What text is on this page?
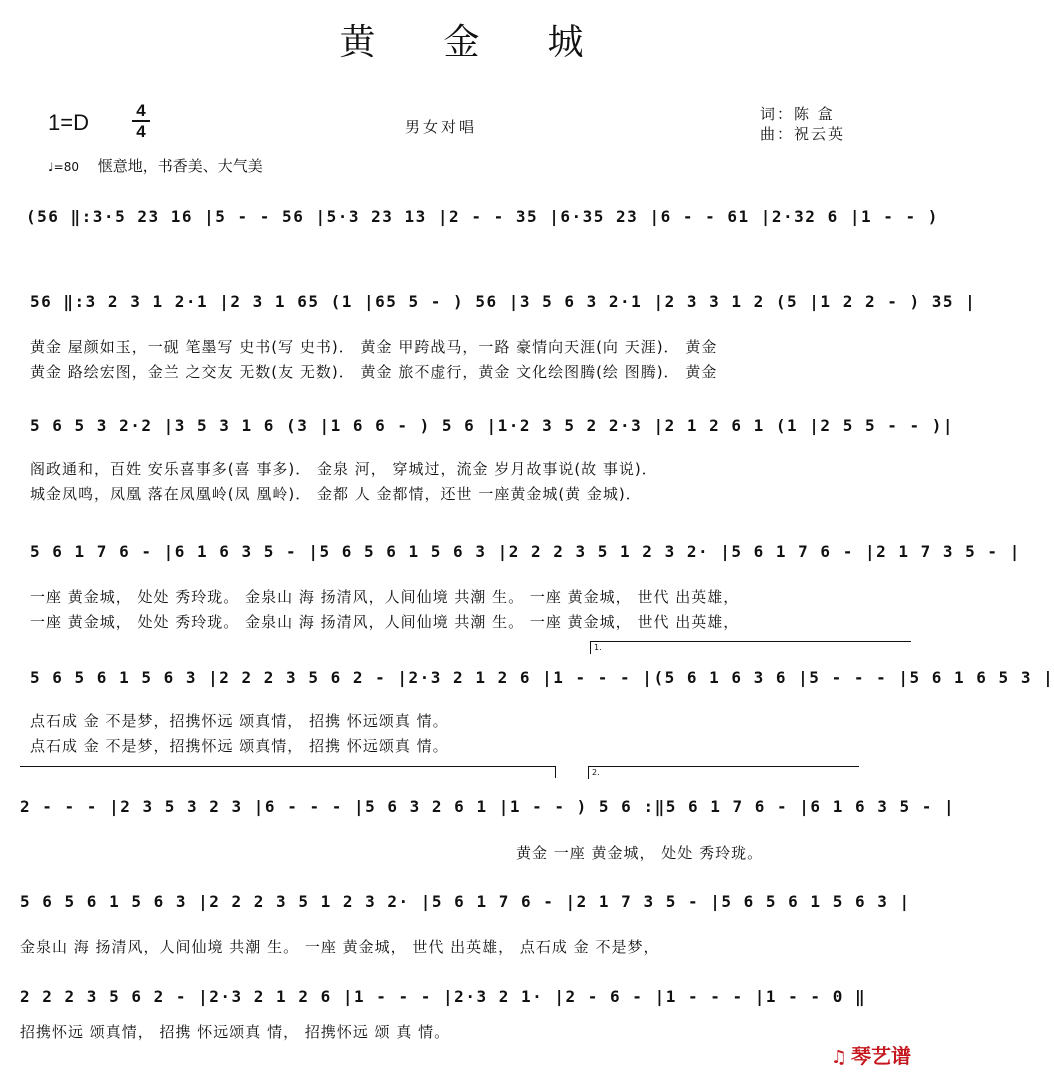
黄金城
1=D	4
4	男女对唱
词：陈 盒
曲：祝云英
♩=80 惬意地，书香美、大气美
(56 ‖:3·5 23 16 |5 - - 56 |5·3 23 13 |2 - - 35 |6·35 23 |6 - - 61 |2·32 6 |1 - - )
56 ‖:3 2 3 1 2·1 |2 3 1 65 (1 |65 5 - ) 56 |3 5 6 3 2·1 |2 3 3 1 2 (5 |1 2 2 - ) 35 |
黄金 屋颜如玉，一砚 笔墨写 史书(写 史书)． 黄金 甲跨战马，一路 豪情向天涯(向 天涯)． 黄金
黄金 路绘宏图，金兰 之交友 无数(友 无数)． 黄金 旅不虚行，黄金 文化绘图腾(绘 图腾)． 黄金
5 6 5 3 2·2 |3 5 3 1 6 (3 |1 6 6 - ) 5 6 |1·2 3 5 2 2·3 |2 1 2 6 1 (1 |2 5 5 - - )|
阁政通和，百姓 安乐喜事多(喜 事多)． 金泉 河， 穿城过，流金 岁月故事说(故 事说)．
城金凤鸣，凤凰 落在凤凰岭(凤 凰岭)． 金都 人 金都情，还世 一座黄金城(黄 金城)．
5 6 1 7 6 - |6 1 6 3 5 - |5 6 5 6 1 5 6 3 |2 2 2 3 5 1 2 3 2· |5 6 1 7 6 - |2 1 7 3 5 - |
一座 黄金城， 处处 秀玲珑。 金泉山 海 扬清风，人间仙境 共潮 生。 一座 黄金城， 世代 出英雄，
一座 黄金城， 处处 秀玲珑。 金泉山 海 扬清风，人间仙境 共潮 生。 一座 黄金城， 世代 出英雄，
1.
5 6 5 6 1 5 6 3 |2 2 2 3 5 6 2 - |2·3 2 1 2 6 |1 - - - |(5 6 1 6 3 6 |5 - - - |5 6 1 6 5 3 |
点石成 金 不是梦，招携怀远 颂真情， 招携 怀远颂真 情。
点石成 金 不是梦，招携怀远 颂真情， 招携 怀远颂真 情。
2.
2 - - - |2 3 5 3 2 3 |6 - - - |5 6 3 2 6 1 |1 - - ) 5 6 :‖5 6 1 7 6 - |6 1 6 3 5 - |
黄金 一座 黄金城， 处处 秀玲珑。
5 6 5 6 1 5 6 3 |2 2 2 3 5 1 2 3 2· |5 6 1 7 6 - |2 1 7 3 5 - |5 6 5 6 1 5 6 3 |
金泉山 海 扬清风，人间仙境 共潮 生。 一座 黄金城， 世代 出英雄， 点石成 金 不是梦，
2 2 2 3 5 6 2 - |2·3 2 1 2 6 |1 - - - |2·3 2 1· |2 - 6 - |1 - - - |1 - - 0 ‖
招携怀远 颂真情， 招携 怀远颂真 情， 招携怀远 颂 真 情。
♫ 琴艺谱
